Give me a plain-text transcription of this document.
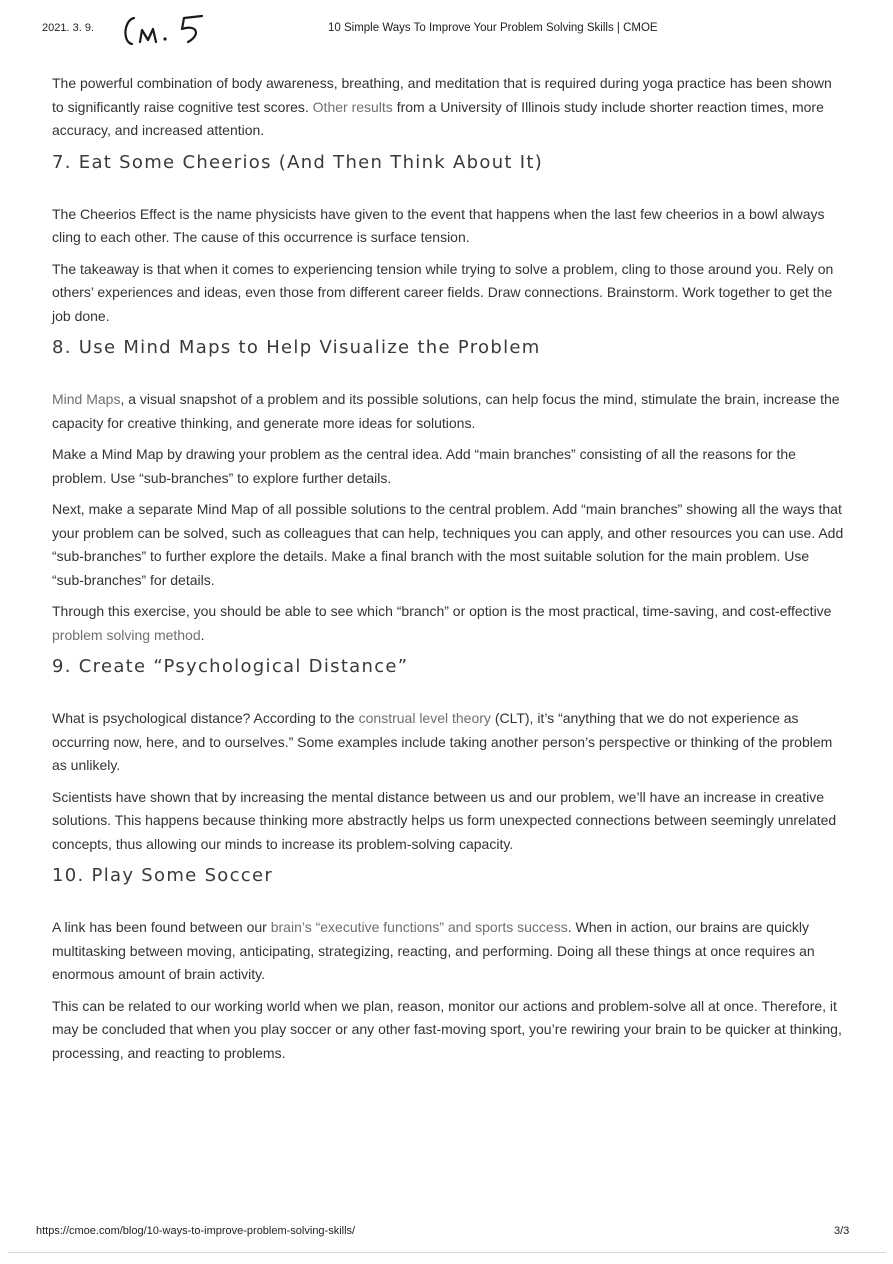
2021. 3. 9.	10 Simple Ways To Improve Your Problem Solving Skills | CMOE

The powerful combination of body awareness, breathing, and meditation that is required during yoga practice has been shown to significantly raise cognitive test scores. Other results from a University of Illinois study include shorter reaction times, more accuracy, and increased attention.

7. Eat Some Cheerios (And Then Think About It)

The Cheerios Effect is the name physicists have given to the event that happens when the last few cheerios in a bowl always cling to each other. The cause of this occurrence is surface tension.

The takeaway is that when it comes to experiencing tension while trying to solve a problem, cling to those around you. Rely on others’ experiences and ideas, even those from different career fields. Draw connections. Brainstorm. Work together to get the job done.

8. Use Mind Maps to Help Visualize the Problem

Mind Maps, a visual snapshot of a problem and its possible solutions, can help focus the mind, stimulate the brain, increase the capacity for creative thinking, and generate more ideas for solutions.

Make a Mind Map by drawing your problem as the central idea. Add “main branches” consisting of all the reasons for the problem. Use “sub-branches” to explore further details.

Next, make a separate Mind Map of all possible solutions to the central problem. Add “main branches” showing all the ways that your problem can be solved, such as colleagues that can help, techniques you can apply, and other resources you can use. Add “sub-branches” to further explore the details. Make a final branch with the most suitable solution for the main problem. Use “sub-branches” for details.

Through this exercise, you should be able to see which “branch” or option is the most practical, time-saving, and cost-effective problem solving method.

9. Create “Psychological Distance”

What is psychological distance? According to the construal level theory (CLT), it’s “anything that we do not experience as occurring now, here, and to ourselves.” Some examples include taking another person’s perspective or thinking of the problem as unlikely.

Scientists have shown that by increasing the mental distance between us and our problem, we’ll have an increase in creative solutions. This happens because thinking more abstractly helps us form unexpected connections between seemingly unrelated concepts, thus allowing our minds to increase its problem-solving capacity.

10. Play Some Soccer

A link has been found between our brain’s “executive functions” and sports success. When in action, our brains are quickly multitasking between moving, anticipating, strategizing, reacting, and performing. Doing all these things at once requires an enormous amount of brain activity.

This can be related to our working world when we plan, reason, monitor our actions and problem-solve all at once. Therefore, it may be concluded that when you play soccer or any other fast-moving sport, you’re rewiring your brain to be quicker at thinking, processing, and reacting to problems.

https://cmoe.com/blog/10-ways-to-improve-problem-solving-skills/	3/3
